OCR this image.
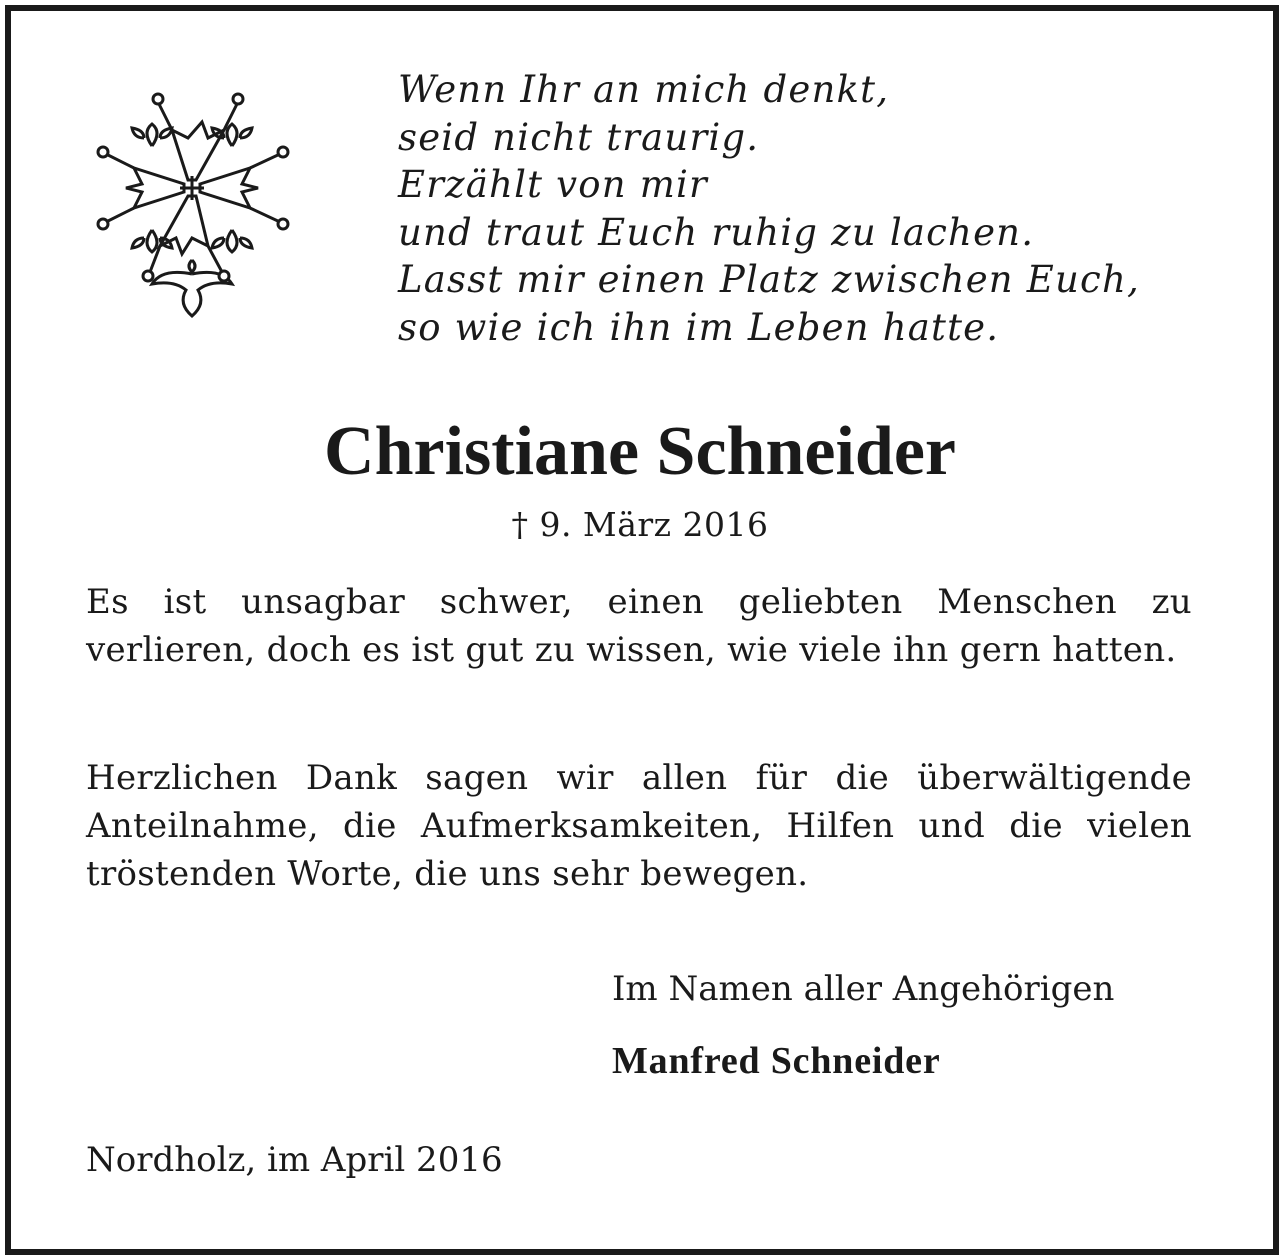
Wenn Ihr an mich denkt,
seid nicht traurig.
Erzählt von mir
und traut Euch ruhig zu lachen.
Lasst mir einen Platz zwischen Euch,
so wie ich ihn im Leben hatte.
Christiane Schneider
† 9. März 2016
Es ist unsagbar schwer, einen geliebten Menschen zu verlieren, doch es ist gut zu wissen, wie viele ihn gern hatten.
Herzlichen Dank sagen wir allen für die überwältigende Anteilnahme, die Aufmerksamkeiten, Hilfen und die vielen tröstenden Worte, die uns sehr bewegen.
Im Namen aller Angehörigen
Manfred Schneider
Nordholz, im April 2016
